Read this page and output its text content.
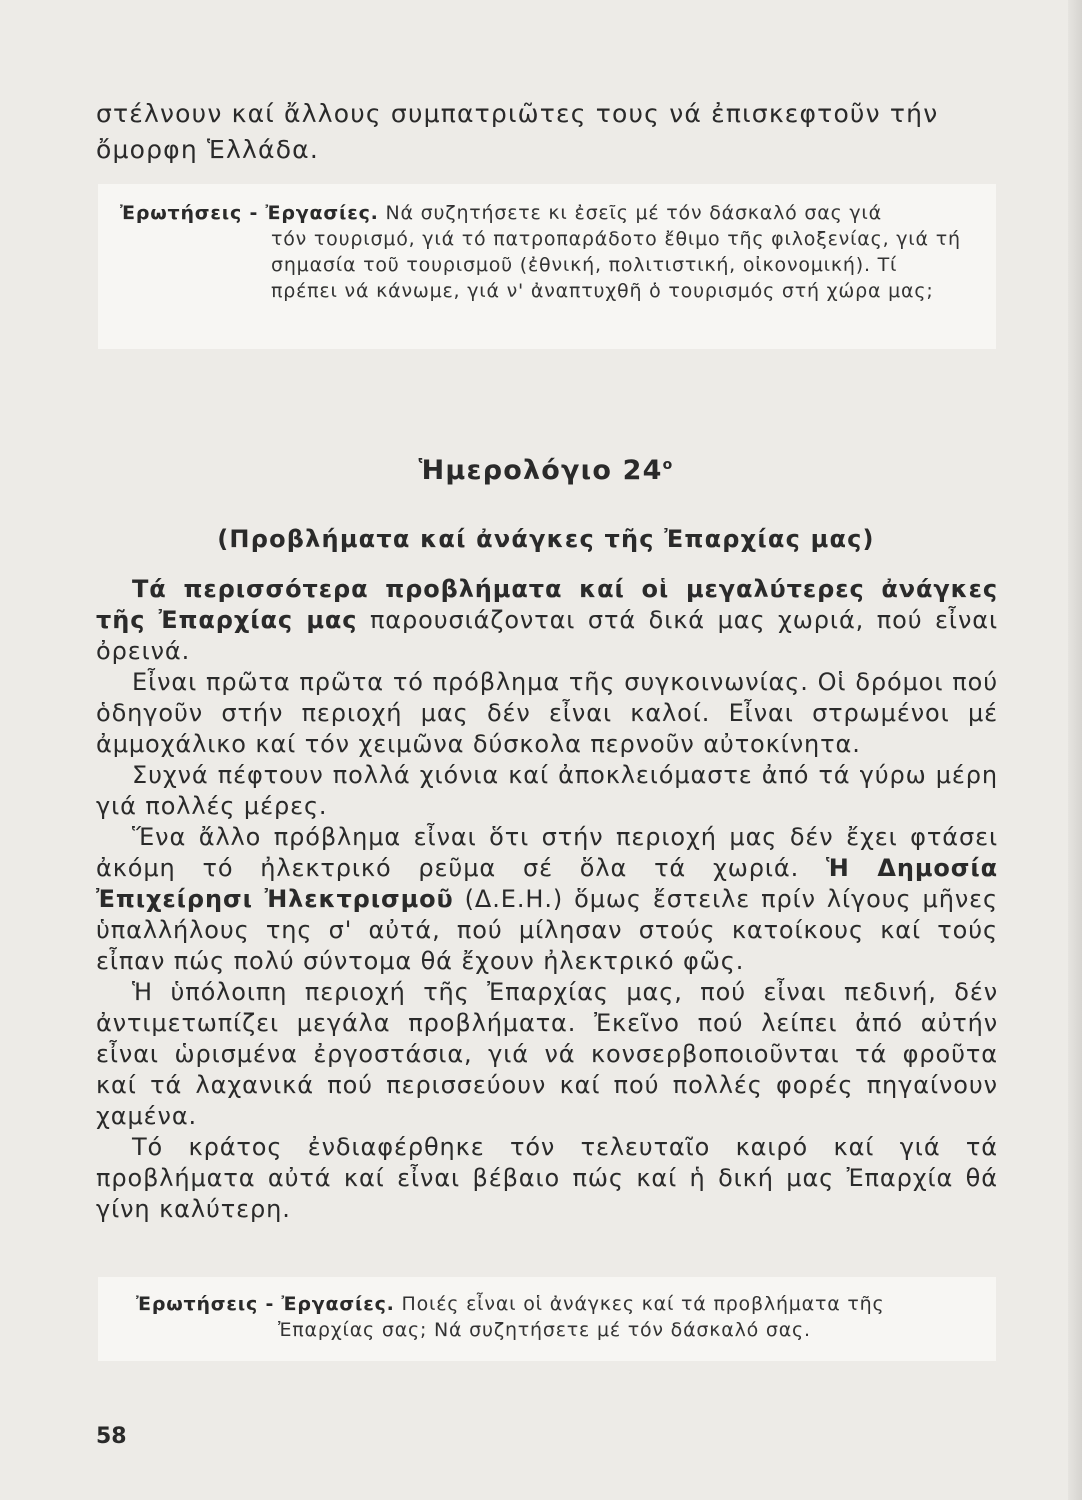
στέλνουν καί ἄλλους συμπατριῶτες τους νά ἐπισκεφτοῦν τήν ὄμορφη Ἑλλάδα.

Ἐρωτήσεις - Ἐργασίες. Νά συζητήσετε κι ἐσεῖς μέ τόν δάσκαλό σας γιά
τόν τουρισμό, γιά τό πατροπαράδοτο ἔθιμο τῆς φιλοξενίας, γιά τή σημασία τοῦ τουρισμοῦ (ἐθνική, πολιτιστική, οἰκονομική). Τί πρέπει νά κάνωμε, γιά ν' ἀναπτυχθῆ ὁ τουρισμός στή χώρα μας;
Ἡμερολόγιο $24^o$
(Προβλήματα καί ἀνάγκες τῆς Ἐπαρχίας μας)

Τά περισσότερα προβλήματα καί οἱ μεγαλύτερες ἀνάγκες τῆς Ἐπαρχίας μας παρουσιάζονται στά δικά μας χωριά, πού εἶναι ὀρεινά.

Εἶναι πρῶτα πρῶτα τό πρόβλημα τῆς συγκοινωνίας. Οἱ δρόμοι πού ὁδηγοῦν στήν περιοχή μας δέν εἶναι καλοί. Εἶναι στρωμένοι μέ ἀμμοχάλικο καί τόν χειμῶνα δύσκολα περνοῦν αὐτοκίνητα.

Συχνά πέφτουν πολλά χιόνια καί ἀποκλειόμαστε ἀπό τά γύρω μέρη γιά πολλές μέρες.

Ἕνα ἄλλο πρόβλημα εἶναι ὅτι στήν περιοχή μας δέν ἔχει φτάσει ἀκόμη τό ἠλεκτρικό ρεῦμα σέ ὅλα τά χωριά. Ἡ Δημοσία Ἐπιχείρησι Ἠλεκτρισμοῦ (Δ.Ε.Η.) ὅμως ἔστειλε πρίν λίγους μῆνες ὑπαλλήλους της σ' αὐτά, πού μίλησαν στούς κατοίκους καί τούς εἶπαν πώς πολύ σύντομα θά ἔχουν ἠλεκτρικό φῶς.

Ἡ ὑπόλοιπη περιοχή τῆς Ἐπαρχίας μας, πού εἶναι πεδινή, δέν ἀντιμετωπίζει μεγάλα προβλήματα. Ἐκεῖνο πού λείπει ἀπό αὐτήν εἶναι ὡρισμένα ἐργοστάσια, γιά νά κονσερβοποιοῦνται τά φροῦτα καί τά λαχανικά πού περισσεύουν καί πού πολλές φορές πηγαίνουν χαμένα.

Τό κράτος ἐνδιαφέρθηκε τόν τελευταῖο καιρό καί γιά τά προβλήματα αὐτά καί εἶναι βέβαιο πώς καί ἡ δική μας Ἐπαρχία θά γίνη καλύτερη.

Ἐρωτήσεις - Ἐργασίες. Ποιές εἶναι οἱ ἀνάγκες καί τά προβλήματα τῆς
Ἐπαρχίας σας; Νά συζητήσετε μέ τόν δάσκαλό σας.

58
